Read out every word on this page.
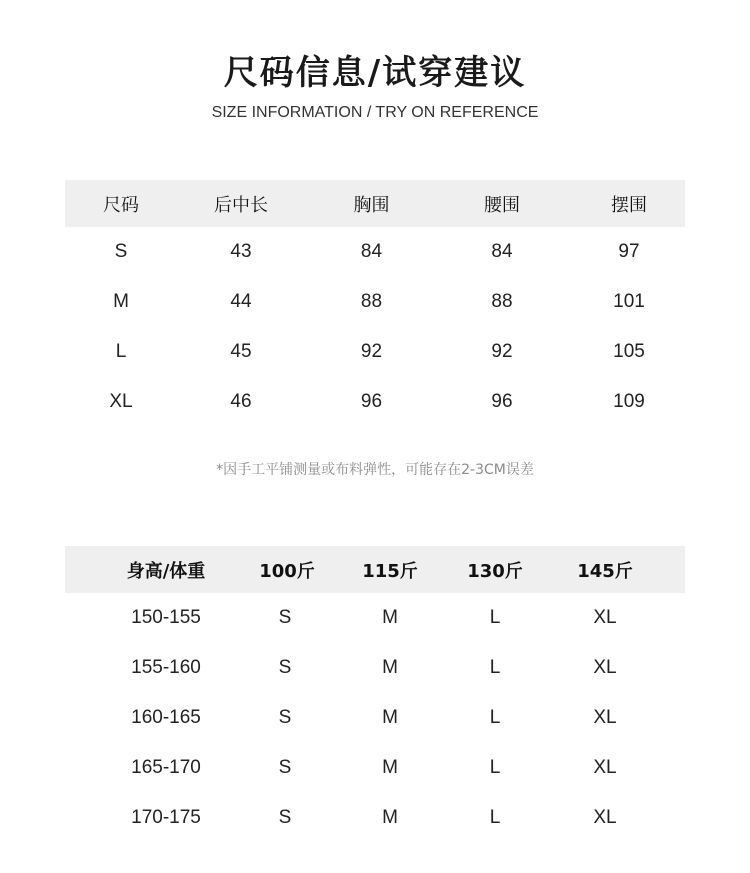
尺码信息/试穿建议
SIZE INFORMATION / TRY ON REFERENCE
尺码	后中长	胸围	腰围	摆围
S	43	84	84	97
M	44	88	88	101
L	45	92	92	105
XL	46	96	96	109
*因手工平铺测量或布料弹性，可能存在2-3CM误差
身高/体重	100斤	115斤	130斤	145斤
150-155	S	M	L	XL
155-160	S	M	L	XL
160-165	S	M	L	XL
165-170	S	M	L	XL
170-175	S	M	L	XL
